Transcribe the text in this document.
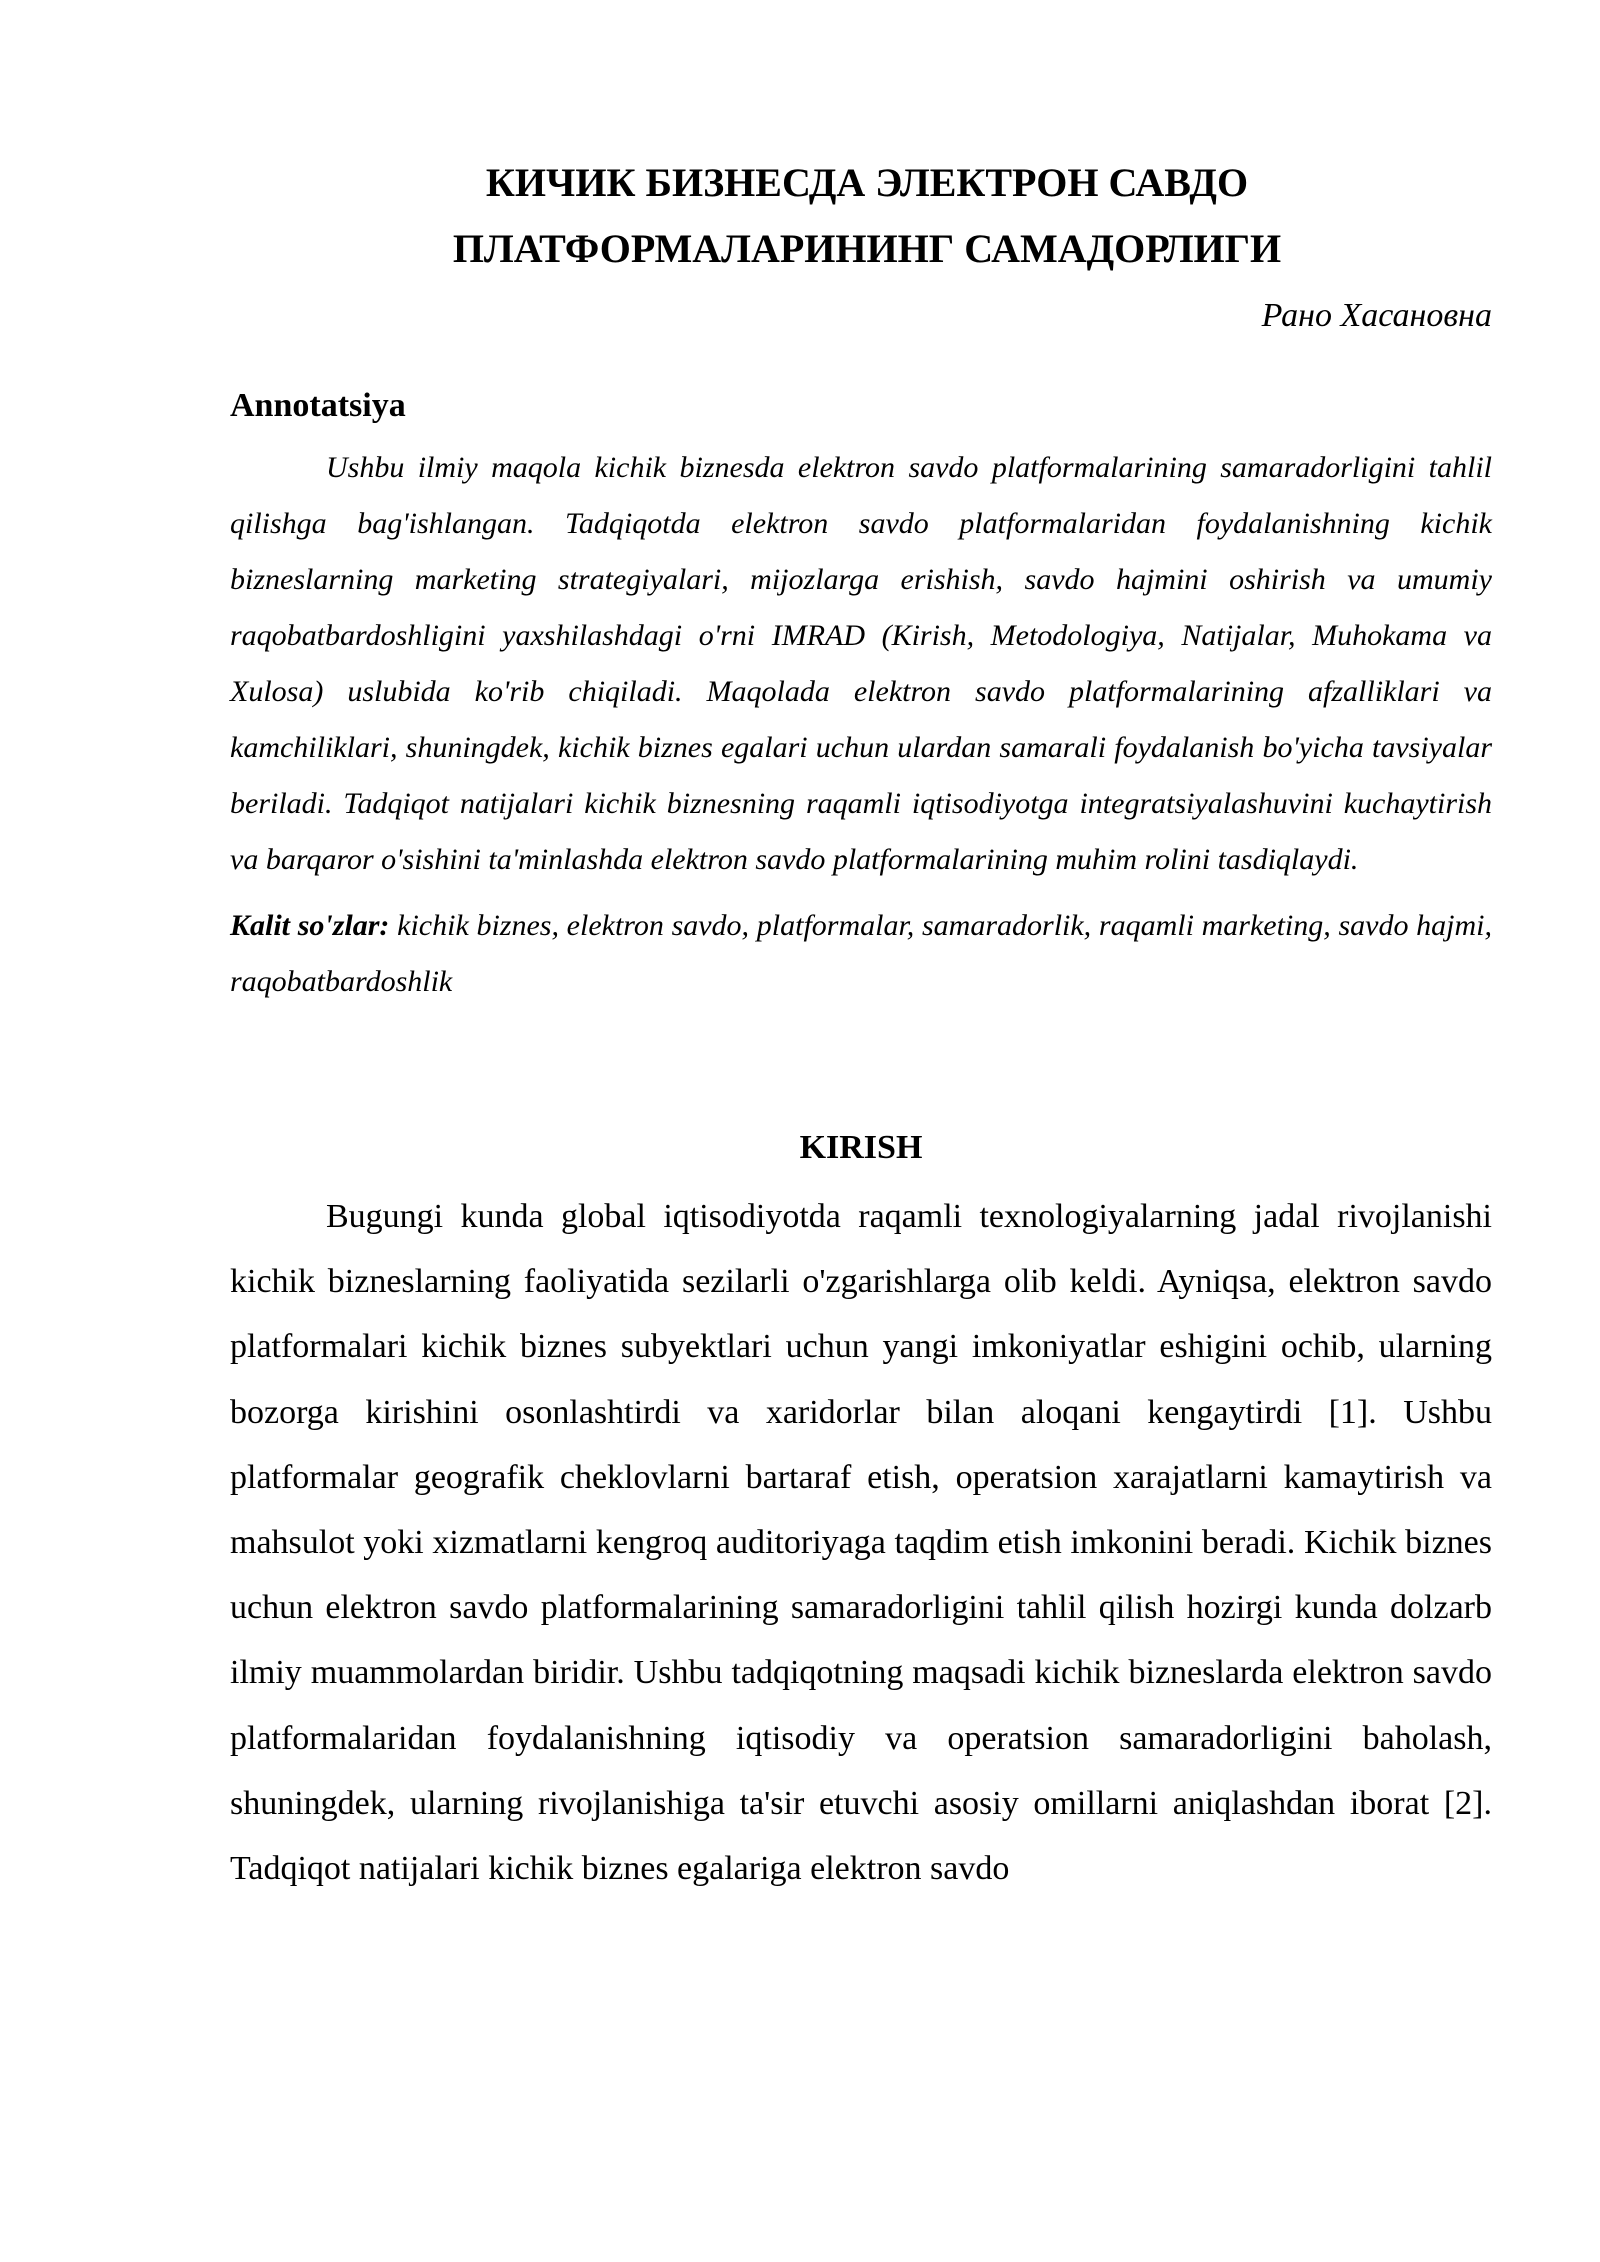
КИЧИК БИЗНЕСДА ЭЛЕКТРОН САВДО
ПЛАТФОРМАЛАРИНИНГ САМАДОРЛИГИ

Рано Хасановна

Annotatsiya

Ushbu ilmiy maqola kichik biznesda elektron savdo platformalarining samaradorligini tahlil qilishga bag'ishlangan. Tadqiqotda elektron savdo platformalaridan foydalanishning kichik bizneslarning marketing strategiyalari, mijozlarga erishish, savdo hajmini oshirish va umumiy raqobatbardoshligini yaxshilashdagi o'rni IMRAD (Kirish, Metodologiya, Natijalar, Muhokama va Xulosa) uslubida ko'rib chiqiladi. Maqolada elektron savdo platformalarining afzalliklari va kamchiliklari, shuningdek, kichik biznes egalari uchun ulardan samarali foydalanish bo'yicha tavsiyalar beriladi. Tadqiqot natijalari kichik biznesning raqamli iqtisodiyotga integratsiyalashuvini kuchaytirish va barqaror o'sishini ta'minlashda elektron savdo platformalarining muhim rolini tasdiqlaydi.

Kalit so'zlar: kichik biznes, elektron savdo, platformalar, samaradorlik, raqamli marketing, savdo hajmi, raqobatbardoshlik

KIRISH

Bugungi kunda global iqtisodiyotda raqamli texnologiyalarning jadal rivojlanishi kichik bizneslarning faoliyatida sezilarli o'zgarishlarga olib keldi. Ayniqsa, elektron savdo platformalari kichik biznes subyektlari uchun yangi imkoniyatlar eshigini ochib, ularning bozorga kirishini osonlashtirdi va xaridorlar bilan aloqani kengaytirdi [1]. Ushbu platformalar geografik cheklovlarni bartaraf etish, operatsion xarajatlarni kamaytirish va mahsulot yoki xizmatlarni kengroq auditoriyaga taqdim etish imkonini beradi. Kichik biznes uchun elektron savdo platformalarining samaradorligini tahlil qilish hozirgi kunda dolzarb ilmiy muammolardan biridir. Ushbu tadqiqotning maqsadi kichik bizneslarda elektron savdo platformalaridan foydalanishning iqtisodiy va operatsion samaradorligini baholash, shuningdek, ularning rivojlanishiga ta'sir etuvchi asosiy omillarni aniqlashdan iborat [2]. Tadqiqot natijalari kichik biznes egalariga elektron savdo
